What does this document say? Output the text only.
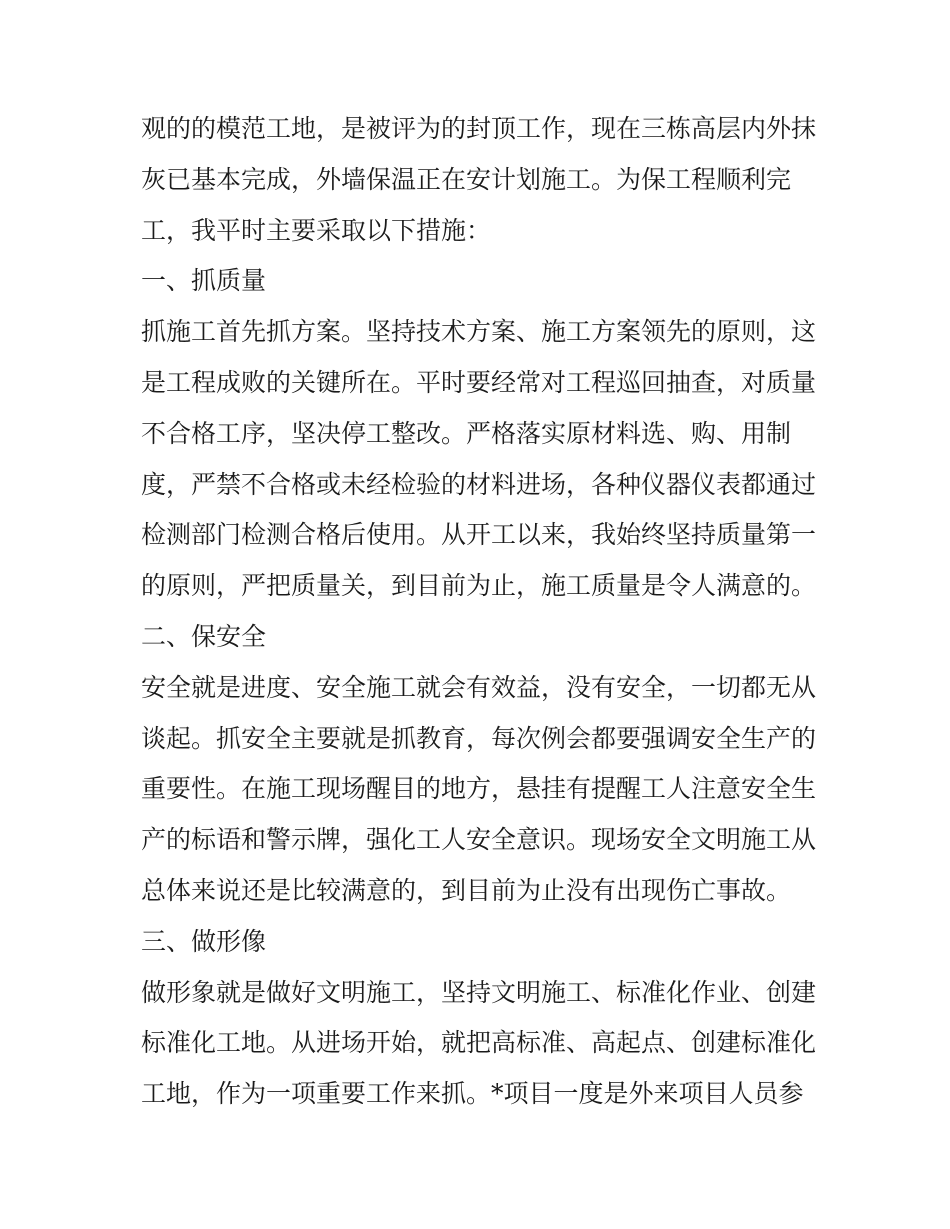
观的的模范工地，是被评为的封顶工作，现在三栋高层内外抹
灰已基本完成，外墙保温正在安计划施工。为保工程顺利完
工，我平时主要采取以下措施：
一、抓质量
抓施工首先抓方案。坚持技术方案、施工方案领先的原则，这
是工程成败的关键所在。平时要经常对工程巡回抽查，对质量
不合格工序，坚决停工整改。严格落实原材料选、购、用制
度，严禁不合格或未经检验的材料进场，各种仪器仪表都通过
检测部门检测合格后使用。从开工以来，我始终坚持质量第一
的原则，严把质量关，到目前为止，施工质量是令人满意的。
二、保安全
安全就是进度、安全施工就会有效益，没有安全，一切都无从
谈起。抓安全主要就是抓教育，每次例会都要强调安全生产的
重要性。在施工现场醒目的地方，悬挂有提醒工人注意安全生
产的标语和警示牌，强化工人安全意识。现场安全文明施工从
总体来说还是比较满意的，到目前为止没有出现伤亡事故。
三、做形像
做形象就是做好文明施工，坚持文明施工、标准化作业、创建
标准化工地。从进场开始，就把高标准、高起点、创建标准化
工地，作为一项重要工作来抓。*项目一度是外来项目人员参
